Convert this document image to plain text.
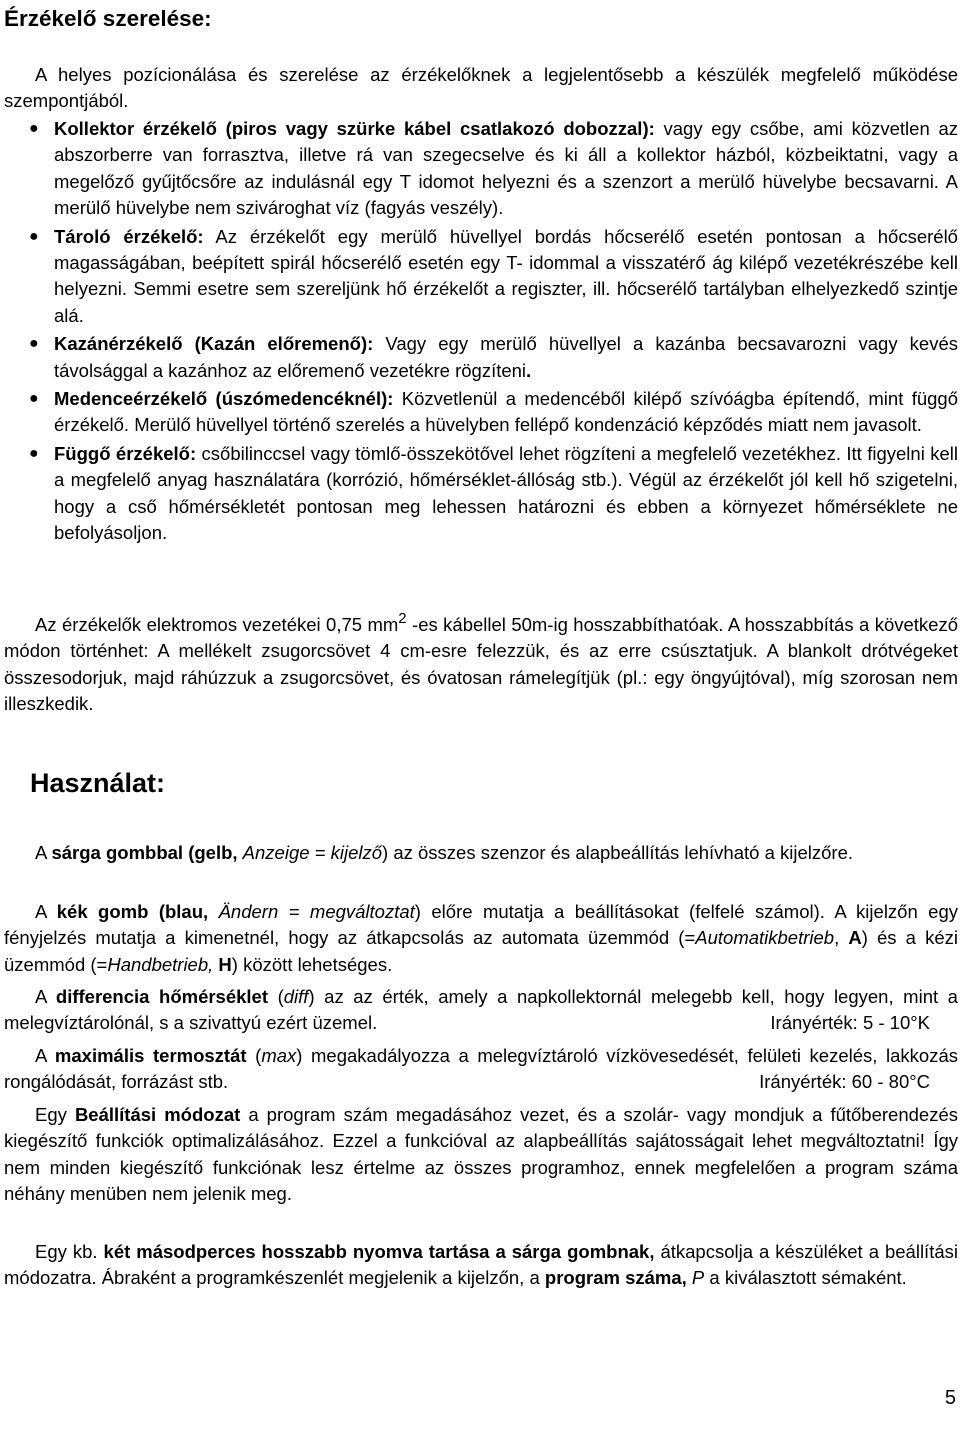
Érzékelő szerelése:

A helyes pozícionálása és szerelése az érzékelőknek a legjelentősebb a készülék megfelelő működése szempontjából.

● Kollektor érzékelő (piros vagy szürke kábel csatlakozó dobozzal): vagy egy csőbe, ami közvetlen az abszorberre van forrasztva, illetve rá van szegecselve és ki áll a kollektor házból, közbeiktatni, vagy a megelőző gyűjtőcsőre az indulásnál egy T idomot helyezni és a szenzort a merülő hüvelybe becsavarni. A merülő hüvelybe nem szivároghat víz (fagyás veszély).
● Tároló érzékelő: Az érzékelőt egy merülő hüvellyel bordás hőcserélő esetén pontosan a hőcserélő magasságában, beépített spirál hőcserélő esetén egy T- idommal a visszatérő ág kilépő vezetékrészébe kell helyezni. Semmi esetre sem szereljünk hő érzékelőt a regiszter, ill. hőcserélő tartályban elhelyezkedő szintje alá.
● Kazánérzékelő (Kazán előremenő): Vagy egy merülő hüvellyel a kazánba becsavarozni vagy kevés távolsággal a kazánhoz az előremenő vezetékre rögzíteni.
● Medenceérzékelő (úszómedencéknél): Közvetlenül a medencéből kilépő szívóágba építendő, mint függő érzékelő. Merülő hüvellyel történő szerelés a hüvelyben fellépő kondenzáció képződés miatt nem javasolt.
● Függő érzékelő: csőbilinccsel vagy tömlő-összekötővel lehet rögzíteni a megfelelő vezetékhez. Itt figyelni kell a megfelelő anyag használatára (korrózió, hőmérséklet-állóság stb.). Végül az érzékelőt jól kell hő szigetelni, hogy a cső hőmérsékletét pontosan meg lehessen határozni és ebben a környezet hőmérséklete ne befolyásoljon.

Az érzékelők elektromos vezetékei 0,75 $mm^2$ -es kábellel 50m-ig hosszabbíthatóak. A hosszabbítás a következő módon történhet: A mellékelt zsugorcsövet 4 cm-esre felezzük, és az erre csúsztatjuk. A blankolt drótvégeket összesodorjuk, majd ráhúzzuk a zsugorcsövet, és óvatosan rámelegítjük (pl.: egy öngyújtóval), míg szorosan nem illeszkedik.

Használat:

A sárga gombbal (gelb, Anzeige = kijelző) az összes szenzor és alapbeállítás lehívható a kijelzőre.

A kék gomb (blau, Ändern = megváltoztat) előre mutatja a beállításokat (felfelé számol). A kijelzőn egy fényjelzés mutatja a kimenetnél, hogy az átkapcsolás az automata üzemmód (=Automatikbetrieb, A) és a kézi üzemmód (=Handbetrieb, H) között lehetséges.

A differencia hőmérséklet (diff) az az érték, amely a napkollektornál melegebb kell, hogy legyen, mint a melegvíztárolónál, s a szivattyú ezért üzemel.	Irányérték: 5 - 10°K
A maximális termosztát (max) megakadályozza a melegvíztároló vízkövesedését, felületi kezelés, lakkozás rongálódását, forrázást stb.	Irányérték: 60 - 80°C

Egy Beállítási módozat a program szám megadásához vezet, és a szolár- vagy mondjuk a fűtőberendezés kiegészítő funkciók optimalizálásához. Ezzel a funkcióval az alapbeállítás sajátosságait lehet megváltoztatni! Így nem minden kiegészítő funkciónak lesz értelme az összes programhoz, ennek megfelelően a program száma néhány menüben nem jelenik meg.

Egy kb. két másodperces hosszabb nyomva tartása a sárga gombnak, átkapcsolja a készüléket a beállítási módozatra. Ábraként a programkészenlét megjelenik a kijelzőn, a program száma, P a kiválasztott sémaként.

5
